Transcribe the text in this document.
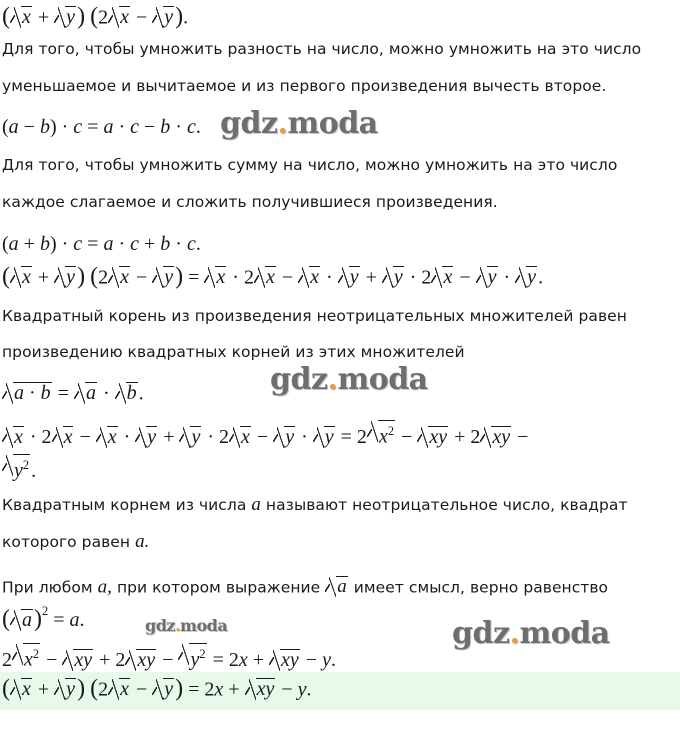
( x + y) (2 x − y).
Для того, чтобы умножить разность на число, можно умножить на это число
уменьшаемое и вычитаемое и из первого произведения вычесть второе.
(a − b) · c = a · c − b · c.
Для того, чтобы умножить сумму на число, можно умножить на это число
каждое слагаемое и сложить получившиеся произведения.
(a + b) · c = a · c + b · c.
( x + y) (2 x − y) = x · 2 x − x · y + y · 2 x − y · y .
Квадратный корень из произведения неотрицательных множителей равен
произведению квадратных корней из этих множителей
a · b = a · b .
x · 2 x − x · y + y · 2 x − y · y = 2 $x^2$ − xy + 2 xy −
$y^2$ .
Квадратным корнем из числа a называют неотрицательное число, квадрат
которого равен a.
При любом a, при котором выражение a имеет смысл, верно равенство
( a)$^2$ = a.
2 $x^2$ − xy + 2 xy − $y^2 = 2x$ + xy − y.
( x + y) (2 x − y) = 2x + xy − y.
gdz.moda
gdz.moda
gdz.moda	gdz.moda
